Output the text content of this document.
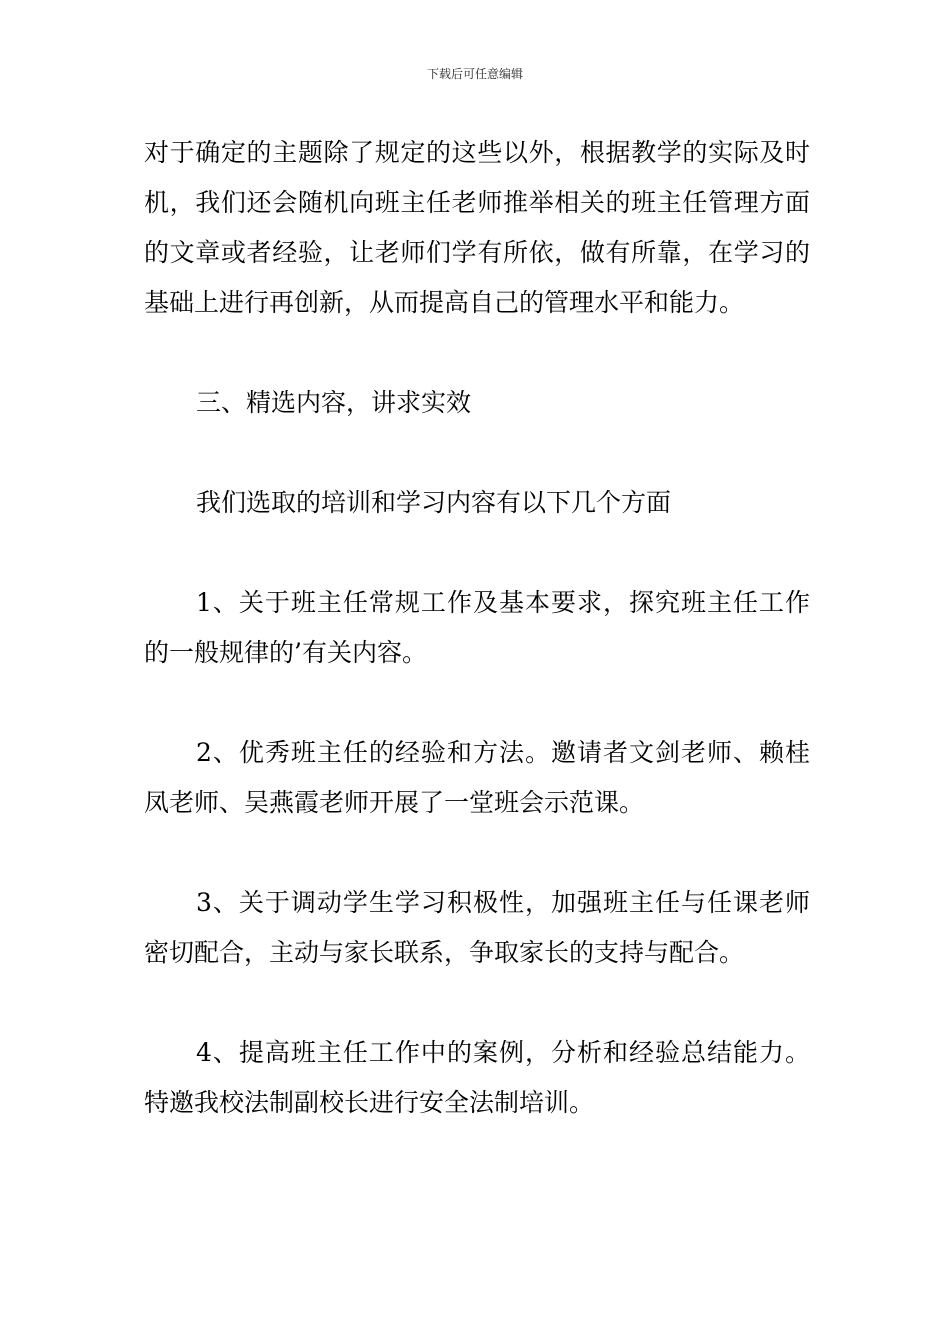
下载后可任意编辑

对于确定的主题除了规定的这些以外，根据教学的实际及时机，我们还会随机向班主任老师推举相关的班主任管理方面的文章或者经验，让老师们学有所依，做有所靠，在学习的基础上进行再创新，从而提高自己的管理水平和能力。

三、精选内容，讲求实效

我们选取的培训和学习内容有以下几个方面

1、关于班主任常规工作及基本要求，探究班主任工作的一般规律的’有关内容。

2、优秀班主任的经验和方法。邀请者文剑老师、赖桂凤老师、吴燕霞老师开展了一堂班会示范课。

3、关于调动学生学习积极性，加强班主任与任课老师密切配合，主动与家长联系，争取家长的支持与配合。

4、提高班主任工作中的案例，分析和经验总结能力。特邀我校法制副校长进行安全法制培训。
